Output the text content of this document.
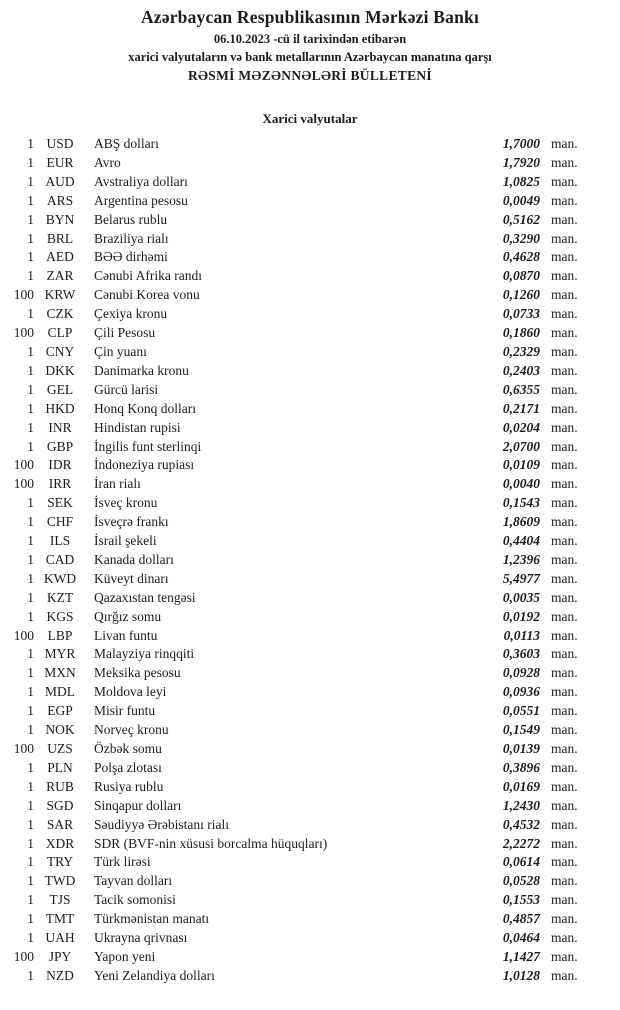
Azərbaycan Respublikasının Mərkəzi Bankı
06.10.2023 -cü il tarixindən etibarən
xarici valyutaların və bank metallarının Azərbaycan manatına qarşı
RƏSMİ MƏZƏNNƏLƏRİ BÜLLETENİ
Xarici valyutalar
1 USD	ABŞ dolları	1,7000 man.
1 EUR	Avro	1,7920 man.
1 AUD	Avstraliya dolları	1,0825 man.
1 ARS	Argentina pesosu	0,0049 man.
1 BYN	Belarus rublu	0,5162 man.
1 BRL	Braziliya rialı	0,3290 man.
1 AED	BƏƏ dirhəmi	0,4628 man.
1 ZAR	Cənubi Afrika randı	0,0870 man.
100 KRW	Cənubi Korea vonu	0,1260 man.
1 CZK	Çexiya kronu	0,0733 man.
100	CLP	Çili Pesosu	0,1860 man.
1 CNY	Çin yuanı	0,2329 man.
1 DKK	Danimarka kronu	0,2403 man.
1 GEL	Gürcü larisi	0,6355 man.
1 HKD	Honq Konq dolları	0,2171 man.
1	INR	Hindistan rupisi	0,0204 man.
1 GBP	İngilis funt sterlinqi	2,0700 man.
100	IDR	İndoneziya rupiası	0,0109 man.
100	IRR	İran rialı	0,0040 man.
1 SEK	İsveç kronu	0,1543 man.
1 CHF	İsveçrə frankı	1,8609 man.
1	ILS	İsrail şekeli	0,4404 man.
1 CAD	Kanada dolları	1,2396 man.
1 KWD	Küveyt dinarı	5,4977 man.
1 KZT	Qazaxıstan tengəsi	0,0035 man.
1 KGS	Qırğız somu	0,0192 man.
100	LBP	Livan funtu	0,0113 man.
1 MYR	Malayziya rinqqiti	0,3603 man.
1 MXN	Meksika pesosu	0,0928 man.
1 MDL	Moldova leyi	0,0936 man.
1 EGP	Misir funtu	0,0551 man.
1 NOK	Norveç kronu	0,1549 man.
100 UZS	Özbək somu	0,0139 man.
1 PLN	Polşa zlotası	0,3896 man.
1 RUB	Rusiya rublu	0,0169 man.
1 SGD	Sinqapur dolları	1,2430 man.
1 SAR	Səudiyyə Ərəbistanı rialı	0,4532 man.
1 XDR	SDR (BVF-nin xüsusi borcalma hüquqları)	2,2272 man.
1 TRY	Türk lirəsi	0,0614 man.
1 TWD	Tayvan dolları	0,0528 man.
1	TJS	Tacik somonisi	0,1553 man.
1 TMT	Türkmənistan manatı	0,4857 man.
1 UAH	Ukrayna qrivnası	0,0464 man.
100	JPY	Yapon yeni	1,1427 man.
1 NZD	Yeni Zelandiya dolları	1,0128 man.
